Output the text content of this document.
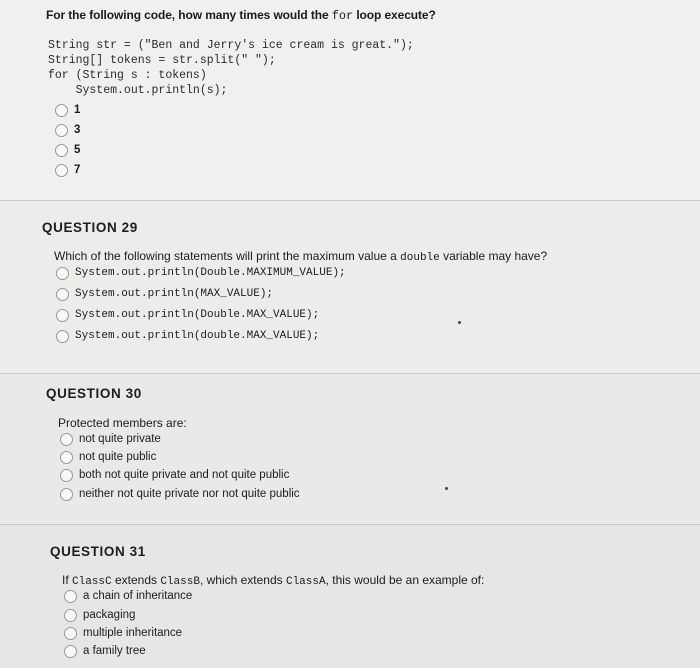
For the following code, how many times would the for loop execute?
String str = ("Ben and Jerry's ice cream is great.");
String[] tokens = str.split(" ");
for (String s : tokens)
System.out.println(s);
1
3
5
7
QUESTION 29
Which of the following statements will print the maximum value a double variable may have?
System.out.println(Double.MAXIMUM_VALUE);
System.out.println(MAX_VALUE);
System.out.println(Double.MAX_VALUE);
System.out.println(double.MAX_VALUE);
QUESTION 30
Protected members are:
not quite private
not quite public
both not quite private and not quite public
neither not quite private nor not quite public
QUESTION 31
If ClassC extends ClassB, which extends ClassA, this would be an example of:
a chain of inheritance
packaging
multiple inheritance
a family tree
